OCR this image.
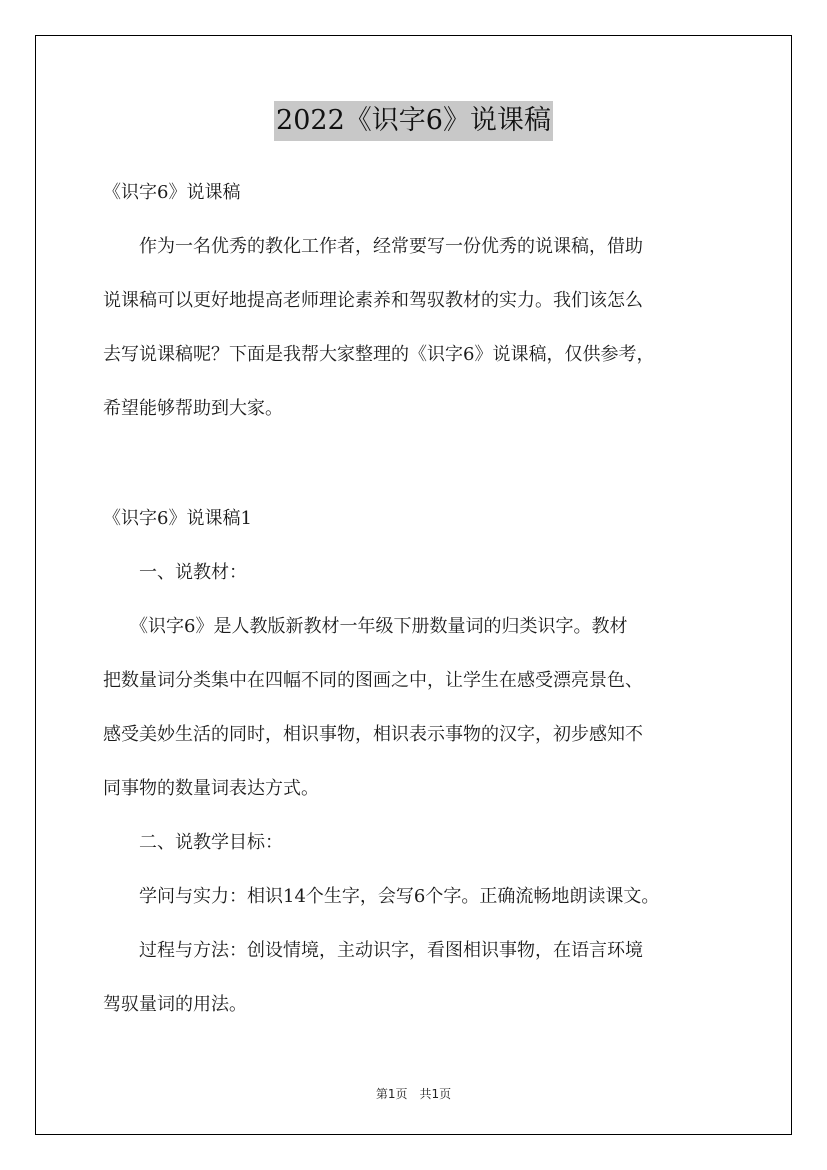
2022《识字6》说课稿
《识字6》说课稿
　　作为一名优秀的教化工作者，经常要写一份优秀的说课稿，借助
说课稿可以更好地提高老师理论素养和驾驭教材的实力。我们该怎么
去写说课稿呢？下面是我帮大家整理的《识字6》说课稿，仅供参考，
希望能够帮助到大家。
《识字6》说课稿1
　　一、说教材：
　　《识字6》是人教版新教材一年级下册数量词的归类识字。教材
把数量词分类集中在四幅不同的图画之中，让学生在感受漂亮景色、
感受美妙生活的同时，相识事物，相识表示事物的汉字，初步感知不
同事物的数量词表达方式。
　　二、说教学目标：
　　学问与实力：相识14个生字，会写6个字。正确流畅地朗读课文。
　　过程与方法：创设情境，主动识字，看图相识事物，在语言环境
驾驭量词的用法。
第1页　共1页
